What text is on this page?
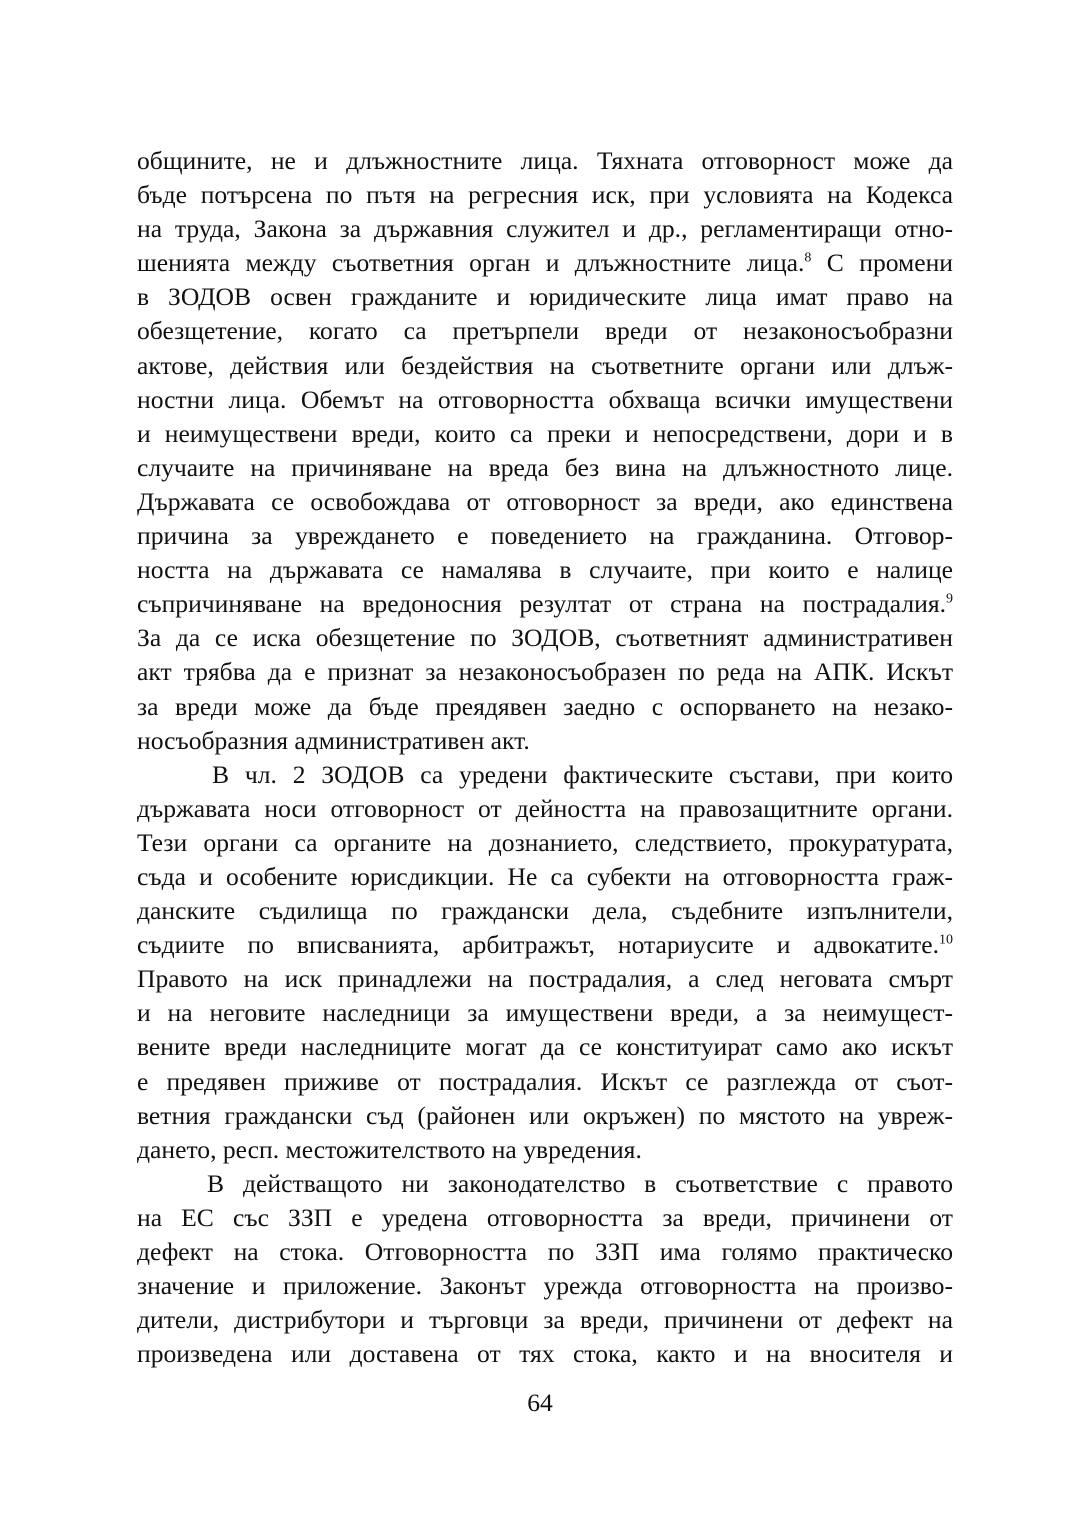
общините, не и длъжностните лица. Тяхната отговорност може да
бъде потърсена по пътя на регресния иск, при условията на Кодекса
на труда, Закона за държавния служител и др., регламентиращи отно-
шенията между съответния орган и длъжностните лица.$^8$ С промени
в ЗОДОВ освен гражданите и юридическите лица имат право на
обезщетение, когато са претърпели вреди от незаконосъобразни
актове, действия или бездействия на съответните органи или длъж-
ностни лица. Обемът на отговорността обхваща всички имуществени
и неимуществени вреди, които са преки и непосредствени, дори и в
случаите на причиняване на вреда без вина на длъжностното лице.
Държавата се освобождава от отговорност за вреди, ако единствена
причина за увреждането е поведението на гражданина. Отговор-
ността на държавата се намалява в случаите, при които е налице
съпричиняване на вредоносния резултат от страна на пострадалия.$^9$
За да се иска обезщетение по ЗОДОВ, съответният административен
акт трябва да е признат за незаконосъобразен по реда на АПК. Искът
за вреди може да бъде преядявен заедно с оспорването на незако-
носъобразния административен акт.
В чл. 2 ЗОДОВ са уредени фактическите състави, при които
държавата носи отговорност от дейността на правозащитните органи.
Тези органи са органите на дознанието, следствието, прокуратурата,
съда и особените юрисдикции. Не са субекти на отговорността граж-
данските съдилища по граждански дела, съдебните изпълнители,
съдиите по вписванията, арбитражът, нотариусите и адвокатите.$^{10}$
Правото на иск принадлежи на пострадалия, а след неговата смърт
и на неговите наследници за имуществени вреди, а за неимущест-
вените вреди наследниците могат да се конституират само ако искът
е предявен приживе от пострадалия. Искът се разглежда от съот-
ветния граждански съд (районен или окръжен) по мястото на увреж-
дането, респ. местожителството на увредения.
В действащото ни законодателство в съответствие с правото
на ЕС със ЗЗП е уредена отговорността за вреди, причинени от
дефект на стока. Отговорността по ЗЗП има голямо практическо
значение и приложение. Законът урежда отговорността на произво-
дители, дистрибутори и търговци за вреди, причинени от дефект на
произведена или доставена от тях стока, както и на вносителя и
64
